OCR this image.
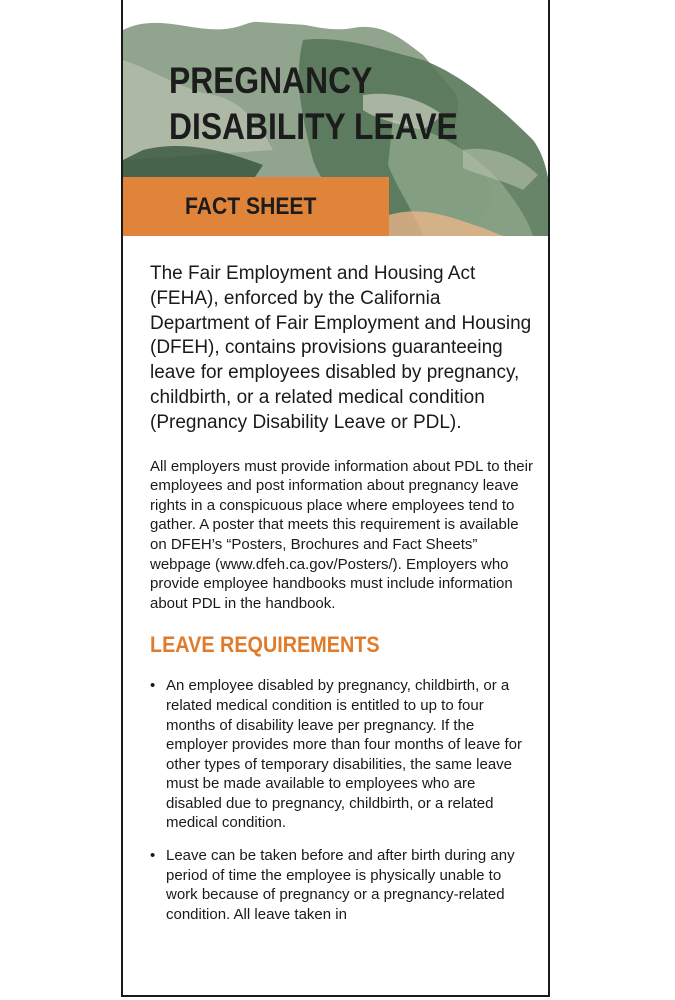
PREGNANCY
DISABILITY LEAVE
FACT SHEET

The Fair Employment and Housing Act (FEHA), enforced by the California Department of Fair Employment and Housing (DFEH), contains provisions guaranteeing leave for employees disabled by pregnancy, childbirth, or a related medical condition (Pregnancy Disability Leave or PDL).

All employers must provide information about PDL to their employees and post information about pregnancy leave rights in a conspicuous place where employees tend to gather. A poster that meets this requirement is available on DFEH’s “Posters, Brochures and Fact Sheets” webpage (www.dfeh.ca.gov/Posters/). Employers who provide employee handbooks must include information about PDL in the handbook.

LEAVE REQUIREMENTS
• An employee disabled by pregnancy, childbirth, or a related medical condition is entitled to up to four months of disability leave per pregnancy. If the employer provides more than four months of leave for other types of temporary disabilities, the same leave must be made available to employees who are disabled due to pregnancy, childbirth, or a related medical condition.
• Leave can be taken before and after birth during any period of time the employee is physically unable to work because of pregnancy or a pregnancy-related condition. All leave taken in
